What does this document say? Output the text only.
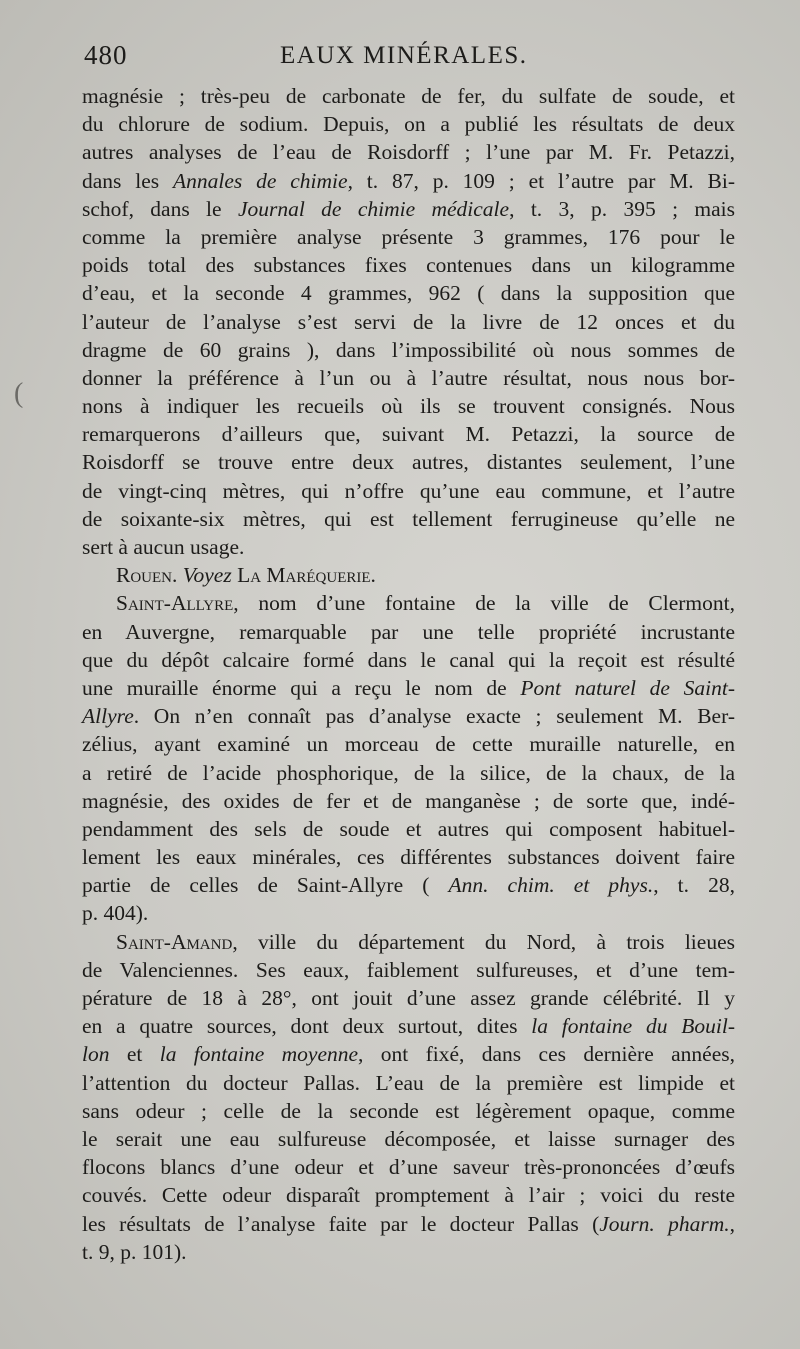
480	EAUX MINÉRALES.
(
magnésie ; très-peu de carbonate de fer, du sulfate de soude, et
du chlorure de sodium. Depuis, on a publié les résultats de deux
autres analyses de l’eau de Roisdorff ; l’une par M. Fr. Petazzi,
dans les Annales de chimie, t. 87, p. 109 ; et l’autre par M. Bi-
schof, dans le Journal de chimie médicale, t. 3, p. 395 ; mais
comme la première analyse présente 3 grammes, 176 pour le
poids total des substances fixes contenues dans un kilogramme
d’eau, et la seconde 4 grammes, 962 ( dans la supposition que
l’auteur de l’analyse s’est servi de la livre de 12 onces et du
dragme de 60 grains ), dans l’impossibilité où nous sommes de
donner la préférence à l’un ou à l’autre résultat, nous nous bor-
nons à indiquer les recueils où ils se trouvent consignés. Nous
remarquerons d’ailleurs que, suivant M. Petazzi, la source de
Roisdorff se trouve entre deux autres, distantes seulement, l’une
de vingt-cinq mètres, qui n’offre qu’une eau commune, et l’autre
de soixante-six mètres, qui est tellement ferrugineuse qu’elle ne
sert à aucun usage.
Rouen. Voyez La Maréquerie.
Saint-Allyre, nom d’une fontaine de la ville de Clermont,
en Auvergne, remarquable par une telle propriété incrustante
que du dépôt calcaire formé dans le canal qui la reçoit est résulté
une muraille énorme qui a reçu le nom de Pont naturel de Saint-
Allyre. On n’en connaît pas d’analyse exacte ; seulement M. Ber-
zélius, ayant examiné un morceau de cette muraille naturelle, en
a retiré de l’acide phosphorique, de la silice, de la chaux, de la
magnésie, des oxides de fer et de manganèse ; de sorte que, indé-
pendamment des sels de soude et autres qui composent habituel-
lement les eaux minérales, ces différentes substances doivent faire
partie de celles de Saint-Allyre ( Ann. chim. et phys., t. 28,
p. 404).
Saint-Amand, ville du département du Nord, à trois lieues
de Valenciennes. Ses eaux, faiblement sulfureuses, et d’une tem-
pérature de 18 à 28°, ont jouit d’une assez grande célébrité. Il y
en a quatre sources, dont deux surtout, dites la fontaine du Bouil-
lon et la fontaine moyenne, ont fixé, dans ces dernière années,
l’attention du docteur Pallas. L’eau de la première est limpide et
sans odeur ; celle de la seconde est légèrement opaque, comme
le serait une eau sulfureuse décomposée, et laisse surnager des
flocons blancs d’une odeur et d’une saveur très-prononcées d’œufs
couvés. Cette odeur disparaît promptement à l’air ; voici du reste
les résultats de l’analyse faite par le docteur Pallas (Journ. pharm.,
t. 9, p. 101).
